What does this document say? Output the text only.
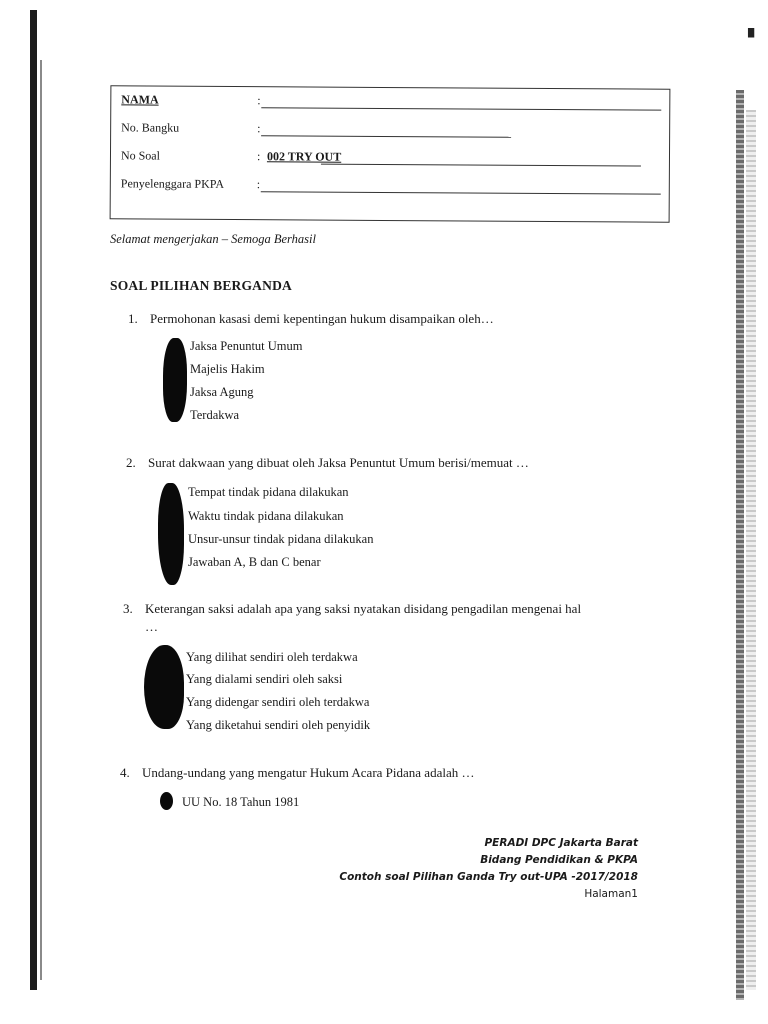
▘
NAMA	:
No. Bangku	:
No Soal	: 002 TRY OUT
Penyelenggara PKPA	:
Selamat mengerjakan – Semoga Berhasil
SOAL PILIHAN BERGANDA
1. Permohonan kasasi demi kepentingan hukum disampaikan oleh…
Jaksa Penuntut Umum
Majelis Hakim
Jaksa Agung
Terdakwa
2. Surat dakwaan yang dibuat oleh Jaksa Penuntut Umum berisi/memuat …
Tempat tindak pidana dilakukan
Waktu tindak pidana dilakukan
Unsur-unsur tindak pidana dilakukan
Jawaban A, B dan C benar
3. Keterangan saksi adalah apa yang saksi nyatakan disidang pengadilan mengenai hal
…
Yang dilihat sendiri oleh terdakwa
Yang dialami sendiri oleh saksi
Yang didengar sendiri oleh terdakwa
Yang diketahui sendiri oleh penyidik
4. Undang-undang yang mengatur Hukum Acara Pidana adalah …
UU No. 18 Tahun 1981
PERADI DPC Jakarta Barat
Bidang Pendidikan & PKPA
Contoh soal Pilihan Ganda Try out-UPA -2017/2018
Halaman1
